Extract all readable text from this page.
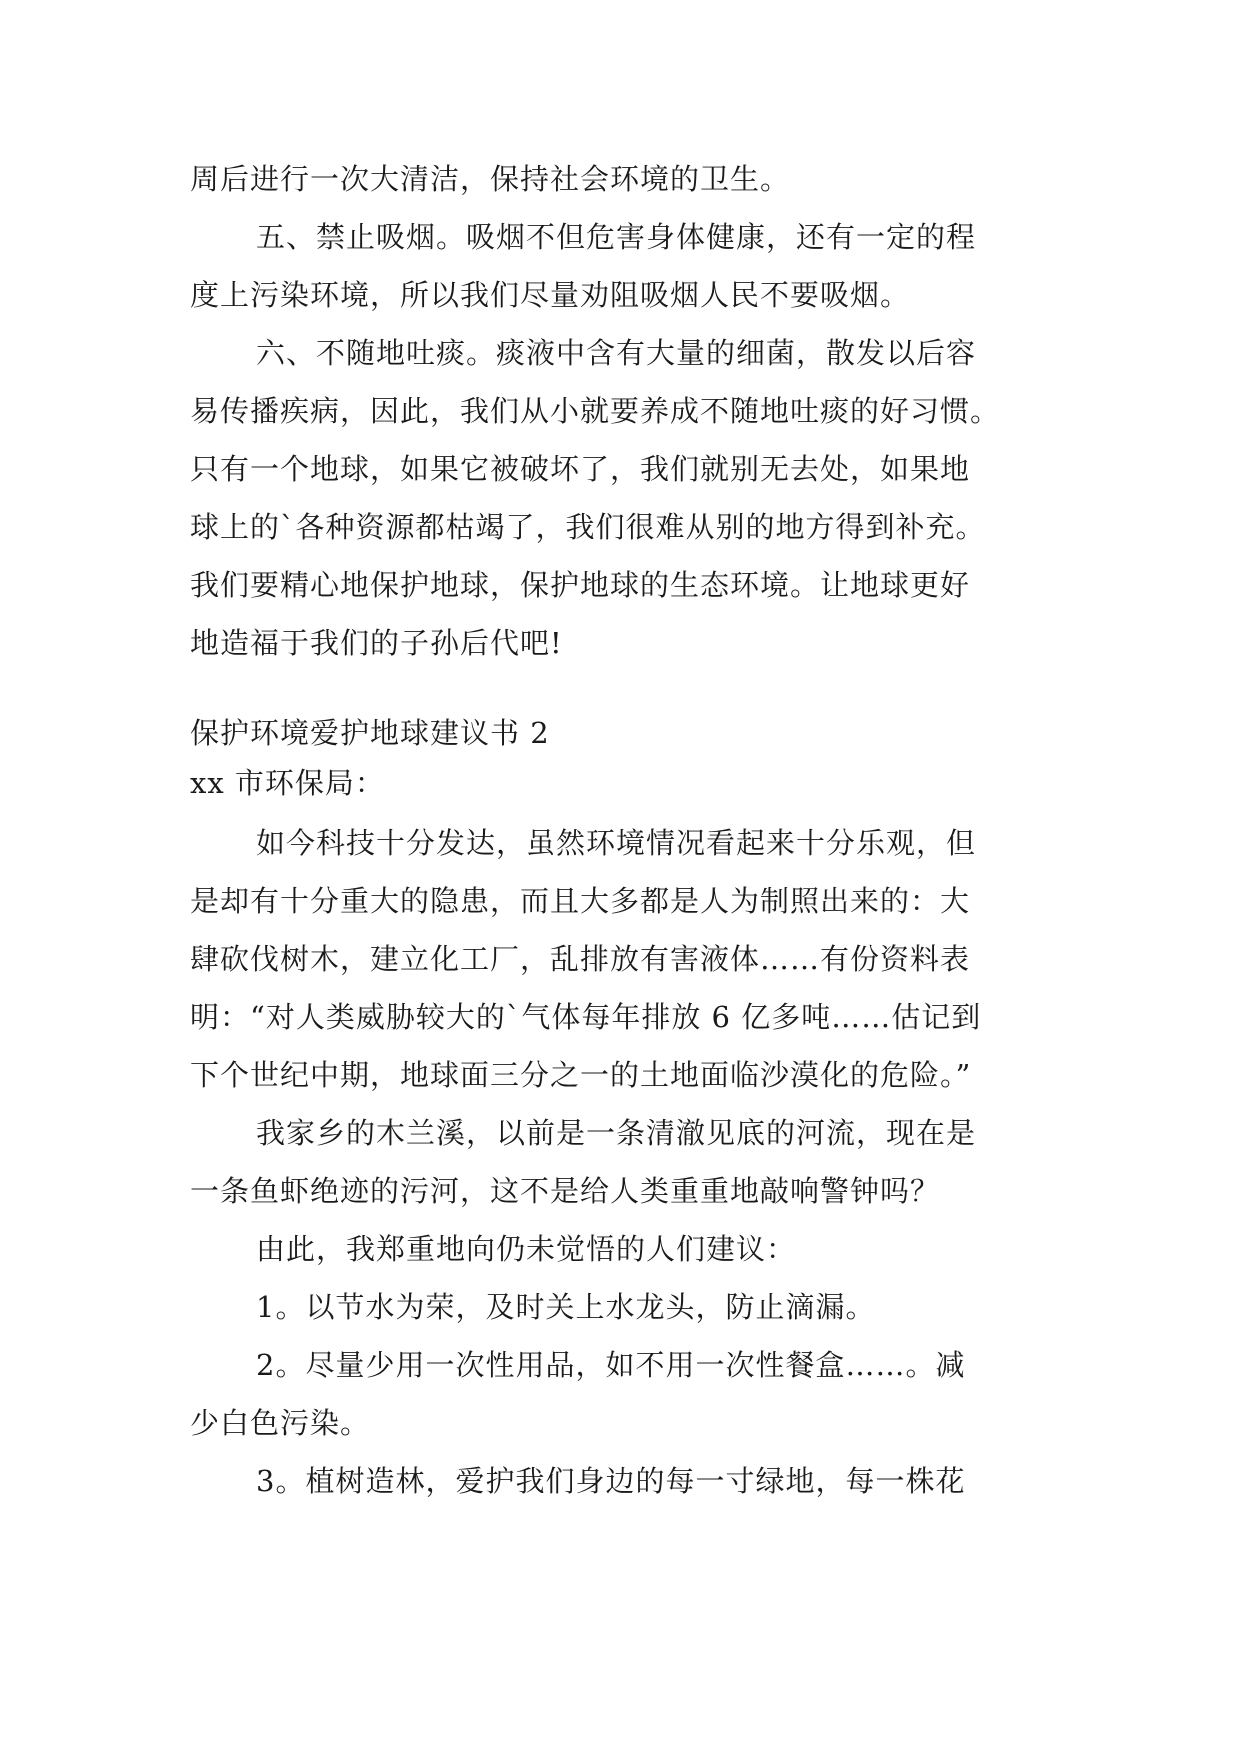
周后进行一次大清洁，保持社会环境的卫生。
五、禁止吸烟。吸烟不但危害身体健康，还有一定的程
度上污染环境，所以我们尽量劝阻吸烟人民不要吸烟。
六、不随地吐痰。痰液中含有大量的细菌，散发以后容
易传播疾病，因此，我们从小就要养成不随地吐痰的好习惯。
只有一个地球，如果它被破坏了，我们就别无去处，如果地
球上的`各种资源都枯竭了，我们很难从别的地方得到补充。
我们要精心地保护地球，保护地球的生态环境。让地球更好
地造福于我们的子孙后代吧!
保护环境爱护地球建议书 2
xx 市环保局：
如今科技十分发达，虽然环境情况看起来十分乐观，但
是却有十分重大的隐患，而且大多都是人为制照出来的：大
肆砍伐树木，建立化工厂，乱排放有害液体……有份资料表
明：“对人类威胁较大的`气体每年排放 6 亿多吨……估记到
下个世纪中期，地球面三分之一的土地面临沙漠化的危险。”
我家乡的木兰溪，以前是一条清澈见底的河流，现在是
一条鱼虾绝迹的污河，这不是给人类重重地敲响警钟吗？
由此，我郑重地向仍未觉悟的人们建议：
1。以节水为荣，及时关上水龙头，防止滴漏。
2。尽量少用一次性用品，如不用一次性餐盒……。减
少白色污染。
3。植树造林，爱护我们身边的每一寸绿地，每一株花
